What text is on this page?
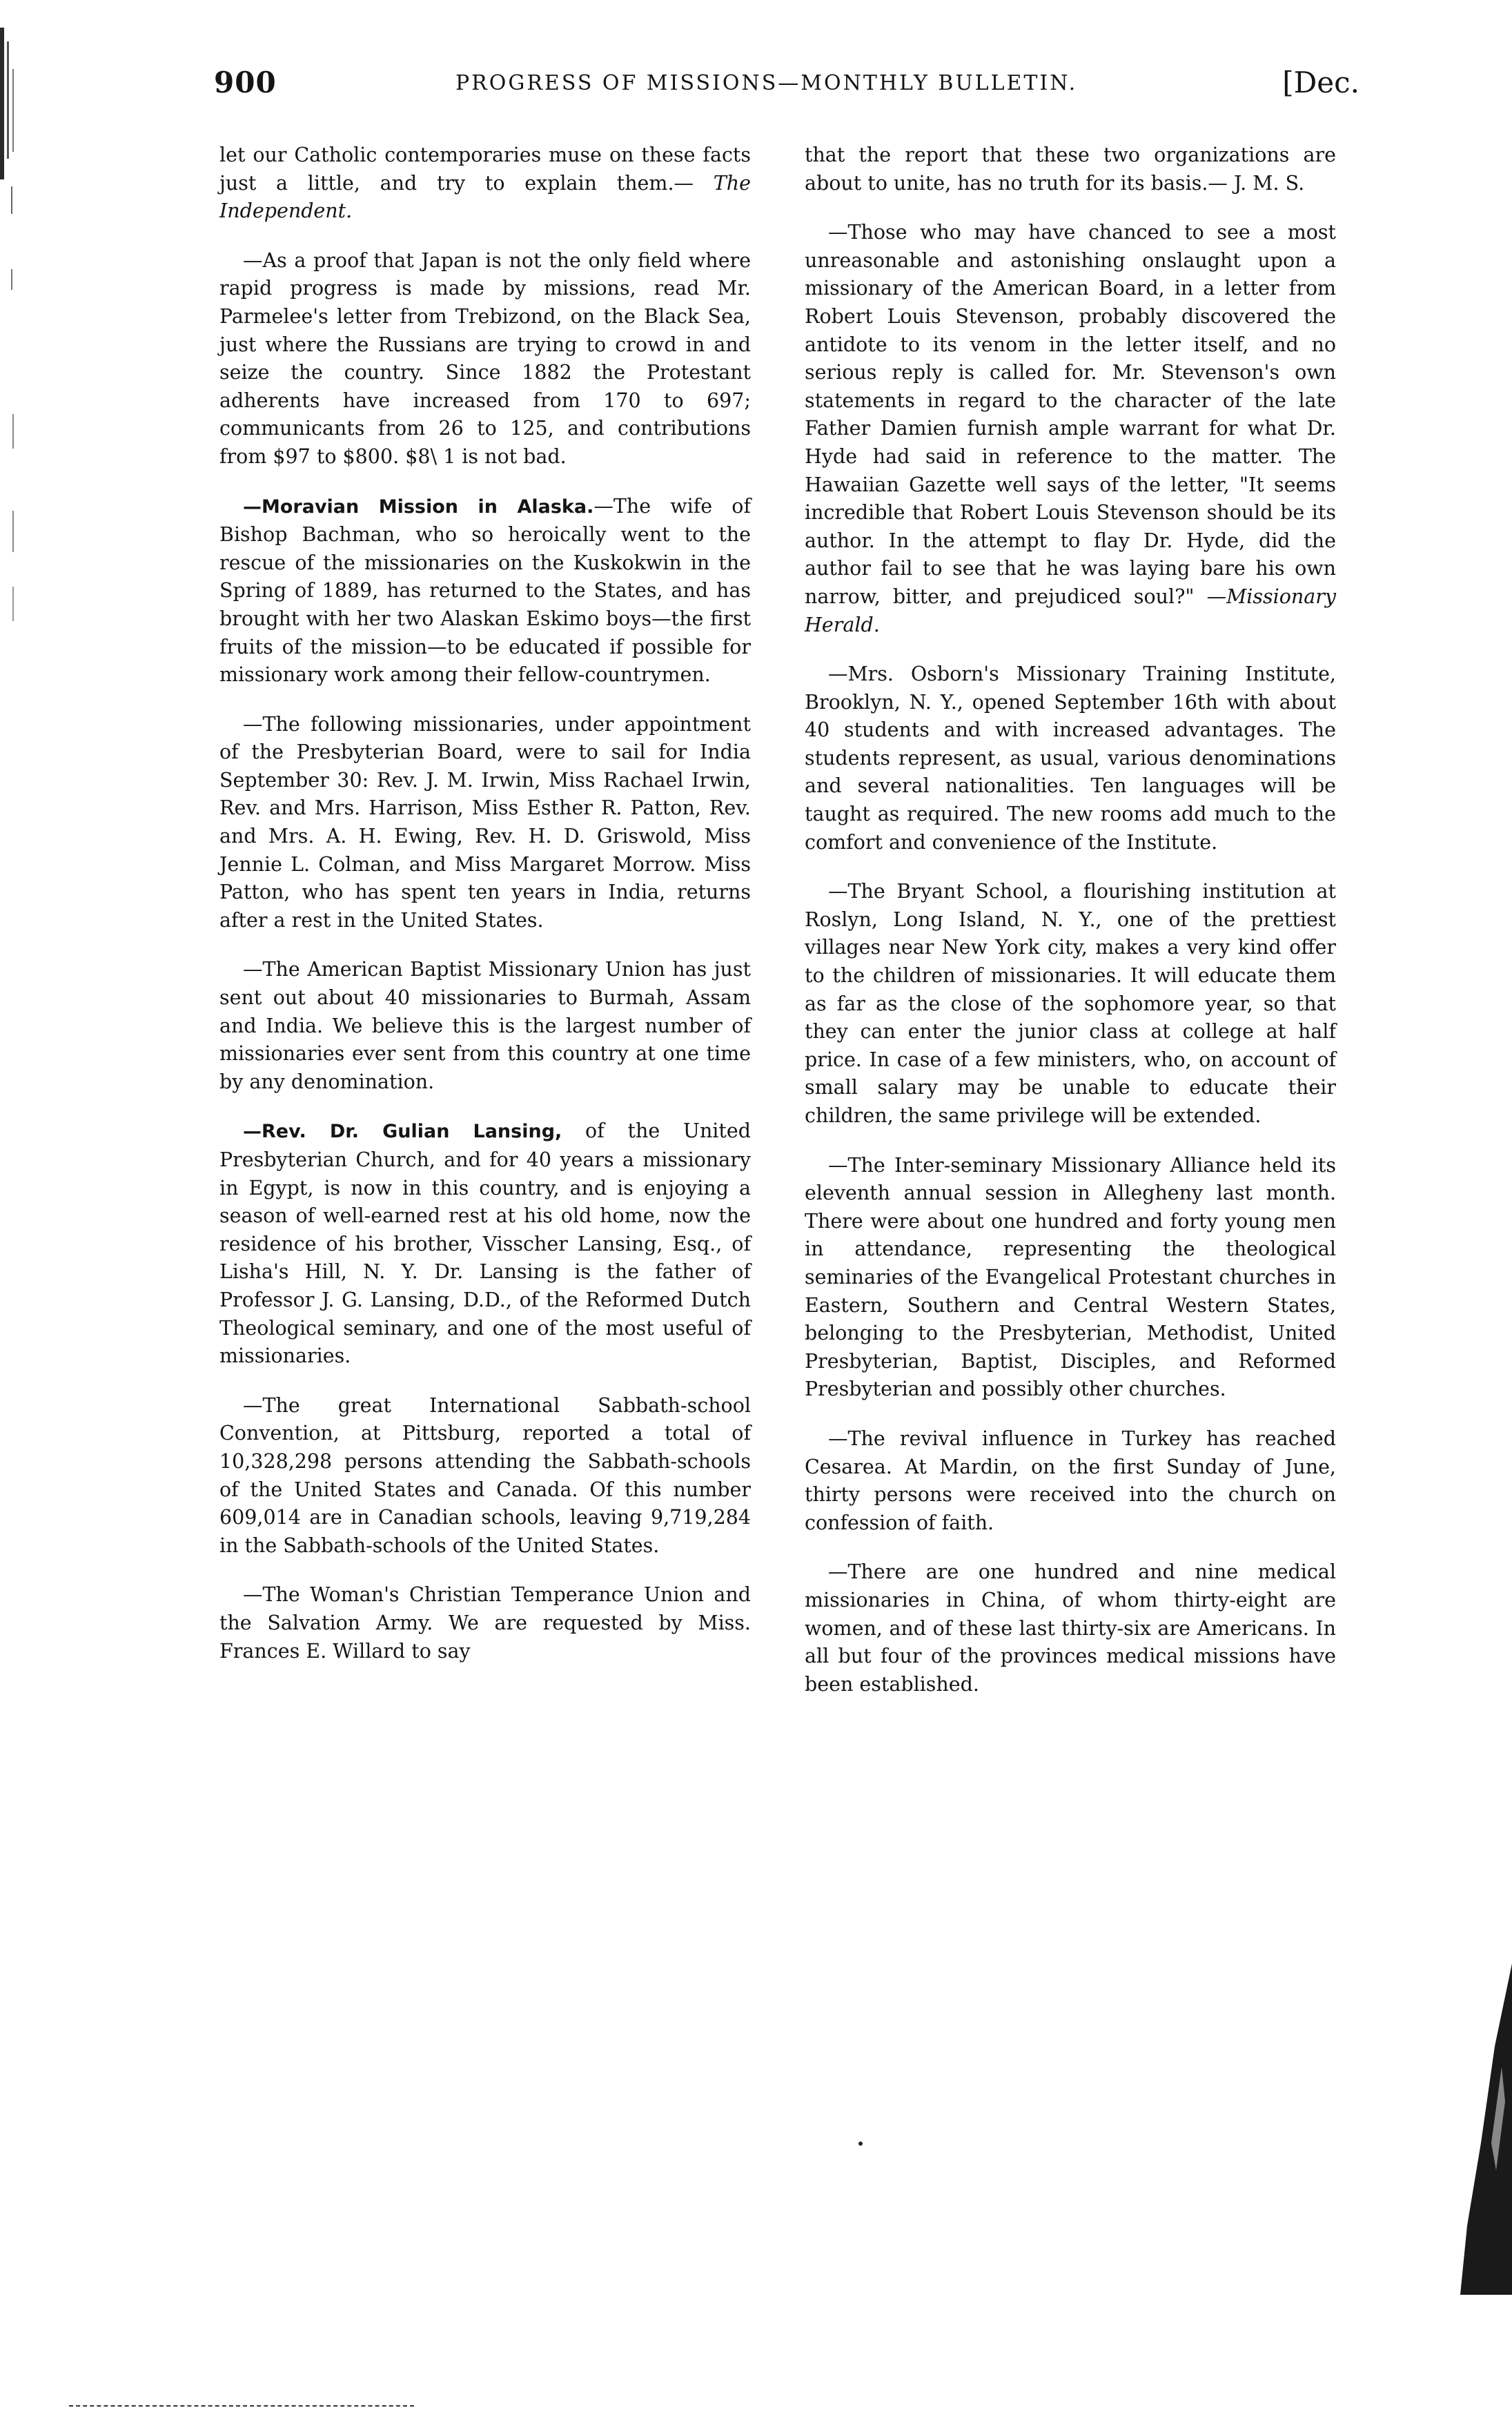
900	PROGRESS OF MISSIONS—MONTHLY BULLETIN.	[Dec.

let our Catholic contemporaries muse on these facts just a little, and try to explain them.— The Independent.

—As a proof that Japan is not the only field where rapid progress is made by missions, read Mr. Parmelee's letter from Trebizond, on the Black Sea, just where the Russians are trying to crowd in and seize the country. Since 1882 the Protestant adherents have increased from 170 to 697; communicants from 26 to 125, and contributions from $97 to $800. $8\ 1 is not bad.

—Moravian Mission in Alaska.—The wife of Bishop Bachman, who so heroically went to the rescue of the missionaries on the Kuskokwin in the Spring of 1889, has returned to the States, and has brought with her two Alaskan Eskimo boys—the first fruits of the mission—to be educated if possible for missionary work among their fellow-countrymen.

—The following missionaries, under appointment of the Presbyterian Board, were to sail for India September 30: Rev. J. M. Irwin, Miss Rachael Irwin, Rev. and Mrs. Harrison, Miss Esther R. Patton, Rev. and Mrs. A. H. Ewing, Rev. H. D. Griswold, Miss Jennie L. Colman, and Miss Margaret Morrow. Miss Patton, who has spent ten years in India, returns after a rest in the United States.

—The American Baptist Missionary Union has just sent out about 40 missionaries to Burmah, Assam and India. We believe this is the largest number of missionaries ever sent from this country at one time by any denomination.

—Rev. Dr. Gulian Lansing, of the United Presbyterian Church, and for 40 years a missionary in Egypt, is now in this country, and is enjoying a season of well-earned rest at his old home, now the residence of his brother, Visscher Lansing, Esq., of Lisha's Hill, N. Y. Dr. Lansing is the father of Professor J. G. Lansing, D.D., of the Reformed Dutch Theological seminary, and one of the most useful of missionaries.

—The great International Sabbath-school Convention, at Pittsburg, reported a total of 10,328,298 persons attending the Sabbath-schools of the United States and Canada. Of this number 609,014 are in Canadian schools, leaving 9,719,284 in the Sabbath-schools of the United States.

—The Woman's Christian Temperance Union and the Salvation Army. We are requested by Miss. Frances E. Willard to say

that the report that these two organizations are about to unite, has no truth for its basis.— J. M. S.

—Those who may have chanced to see a most unreasonable and astonishing onslaught upon a missionary of the American Board, in a letter from Robert Louis Stevenson, probably discovered the antidote to its venom in the letter itself, and no serious reply is called for. Mr. Stevenson's own statements in regard to the character of the late Father Damien furnish ample warrant for what Dr. Hyde had said in reference to the matter. The Hawaiian Gazette well says of the letter, "It seems incredible that Robert Louis Stevenson should be its author. In the attempt to flay Dr. Hyde, did the author fail to see that he was laying bare his own narrow, bitter, and prejudiced soul?" —Missionary Herald.

—Mrs. Osborn's Missionary Training Institute, Brooklyn, N. Y., opened September 16th with about 40 students and with increased advantages. The students represent, as usual, various denominations and several nationalities. Ten languages will be taught as required. The new rooms add much to the comfort and convenience of the Institute.

—The Bryant School, a flourishing institution at Roslyn, Long Island, N. Y., one of the prettiest villages near New York city, makes a very kind offer to the children of missionaries. It will educate them as far as the close of the sophomore year, so that they can enter the junior class at college at half price. In case of a few ministers, who, on account of small salary may be unable to educate their children, the same privilege will be extended.

—The Inter-seminary Missionary Alliance held its eleventh annual session in Allegheny last month. There were about one hundred and forty young men in attendance, representing the theological seminaries of the Evangelical Protestant churches in Eastern, Southern and Central Western States, belonging to the Presbyterian, Methodist, United Presbyterian, Baptist, Disciples, and Reformed Presbyterian and possibly other churches.

—The revival influence in Turkey has reached Cesarea. At Mardin, on the first Sunday of June, thirty persons were received into the church on confession of faith.

—There are one hundred and nine medical missionaries in China, of whom thirty-eight are women, and of these last thirty-six are Americans. In all but four of the provinces medical missions have been established.
